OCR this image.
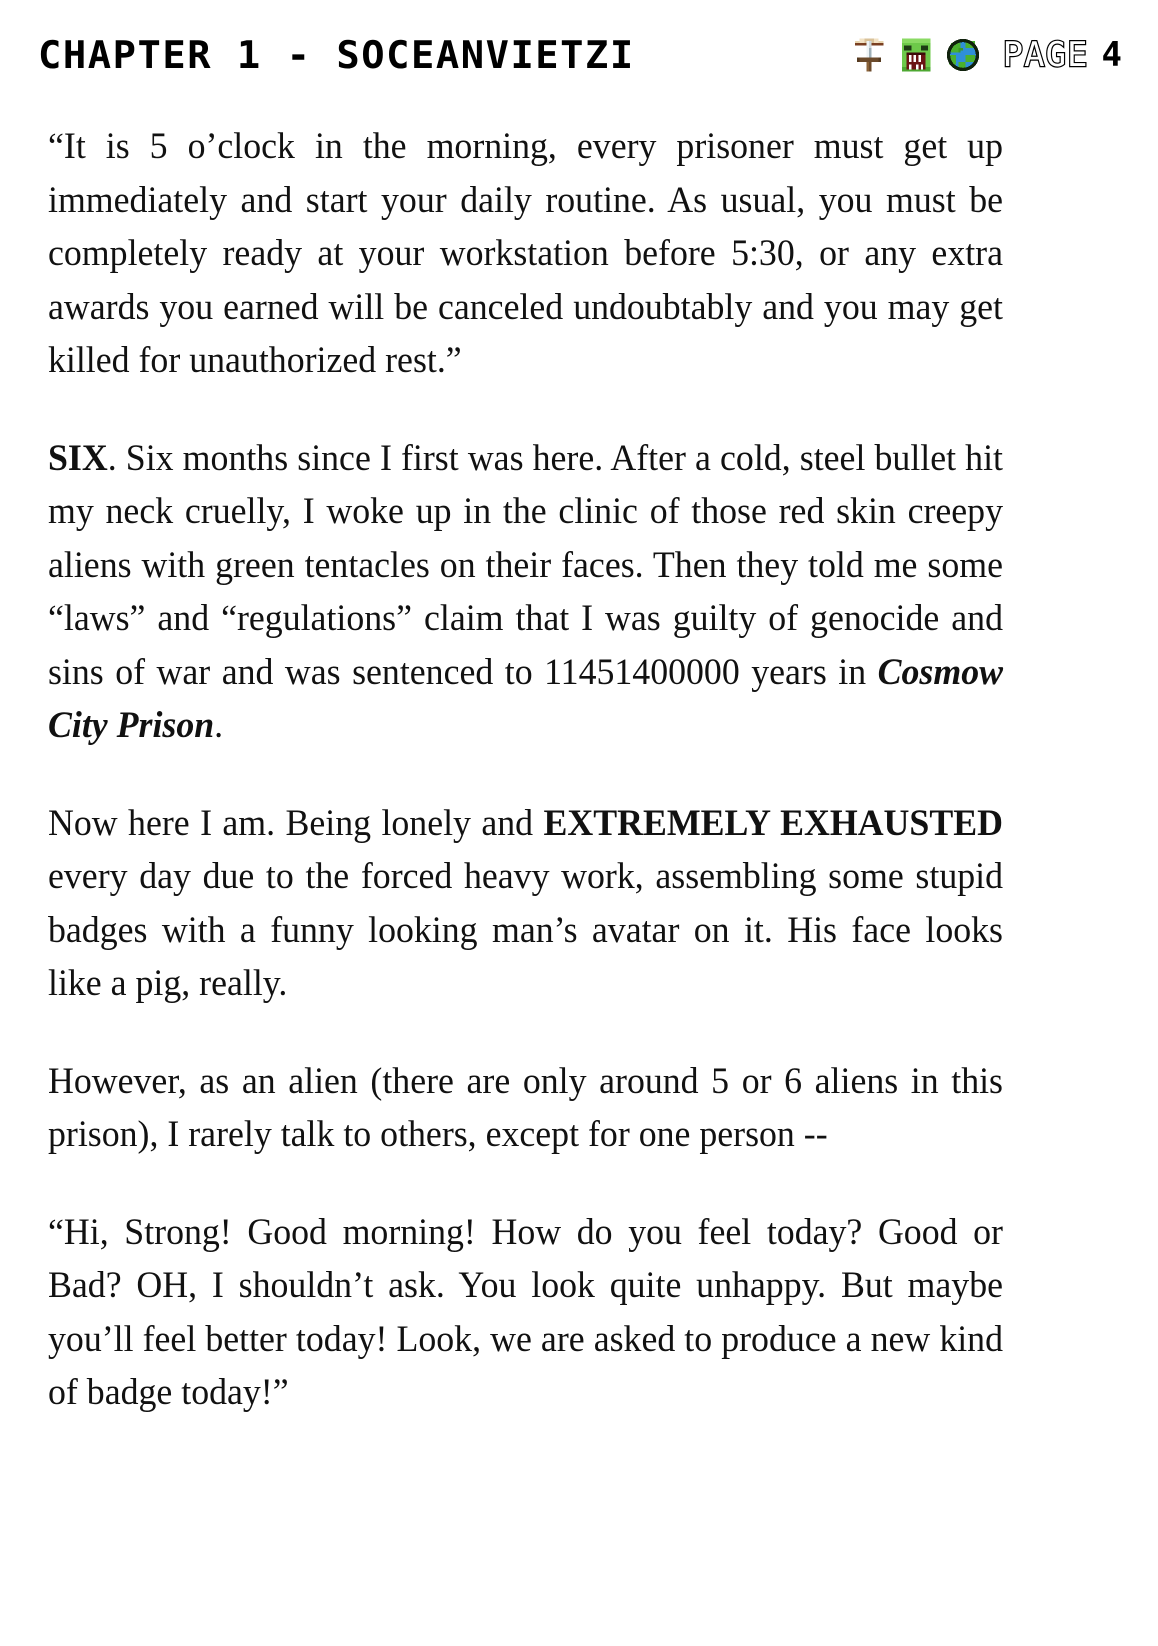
CHAPTER 1 - SOCEANVIETZI	PAGE 4

“It is 5 o’clock in the morning, every prisoner must get up immediately and start your daily routine. As usual, you must be completely ready at your workstation before 5:30, or any extra awards you earned will be canceled undoubtably and you may get killed for unauthorized rest.”

SIX. Six months since I first was here. After a cold, steel bullet hit my neck cruelly, I woke up in the clinic of those red skin creepy aliens with green tentacles on their faces. Then they told me some “laws” and “regulations” claim that I was guilty of genocide and sins of war and was sentenced to 11451400000 years in Cosmow City Prison.

Now here I am. Being lonely and EXTREMELY EXHAUSTED every day due to the forced heavy work, assembling some stupid badges with a funny looking man’s avatar on it. His face looks like a pig, really.

However, as an alien (there are only around 5 or 6 aliens in this prison), I rarely talk to others, except for one person --

“Hi, Strong! Good morning! How do you feel today? Good or Bad? OH, I shouldn’t ask. You look quite unhappy. But maybe you’ll feel better today! Look, we are asked to produce a new kind of badge today!”
